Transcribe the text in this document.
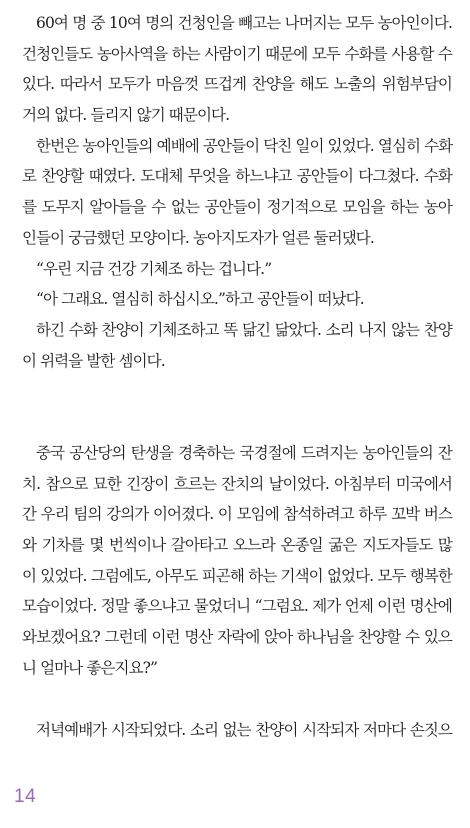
60여 명 중 10여 명의 건청인을 빼고는 나머지는 모두 농아인이다.
건청인들도 농아사역을 하는 사람이기 때문에 모두 수화를 사용할 수
있다. 따라서 모두가 마음껏 뜨겁게 찬양을 해도 노출의 위험부담이
거의 없다. 들리지 않기 때문이다.
한번은 농아인들의 예배에 공안들이 닥친 일이 있었다. 열심히 수화
로 찬양할 때였다. 도대체 무엇을 하느냐고 공안들이 다그쳤다. 수화
를 도무지 알아들을 수 없는 공안들이 정기적으로 모임을 하는 농아
인들이 궁금했던 모양이다. 농아지도자가 얼른 둘러댔다.
“우린 지금 건강 기체조 하는 겁니다.”
“아 그래요. 열심히 하십시오.”하고 공안들이 떠났다.
하긴 수화 찬양이 기체조하고 똑 닮긴 닮았다. 소리 나지 않는 찬양
이 위력을 발한 셈이다.
중국 공산당의 탄생을 경축하는 국경절에 드려지는 농아인들의 잔
치. 참으로 묘한 긴장이 흐르는 잔치의 날이었다. 아침부터 미국에서
간 우리 팀의 강의가 이어졌다. 이 모임에 참석하려고 하루 꼬박 버스
와 기차를 몇 번씩이나 갈아타고 오느라 온종일 굶은 지도자들도 많
이 있었다. 그럼에도, 아무도 피곤해 하는 기색이 없었다. 모두 행복한
모습이었다. 정말 좋으냐고 물었더니 “그럼요. 제가 언제 이런 명산에
와보겠어요? 그런데 이런 명산 자락에 앉아 하나님을 찬양할 수 있으
니 얼마나 좋은지요?”
저녁예배가 시작되었다. 소리 없는 찬양이 시작되자 저마다 손짓으
14
